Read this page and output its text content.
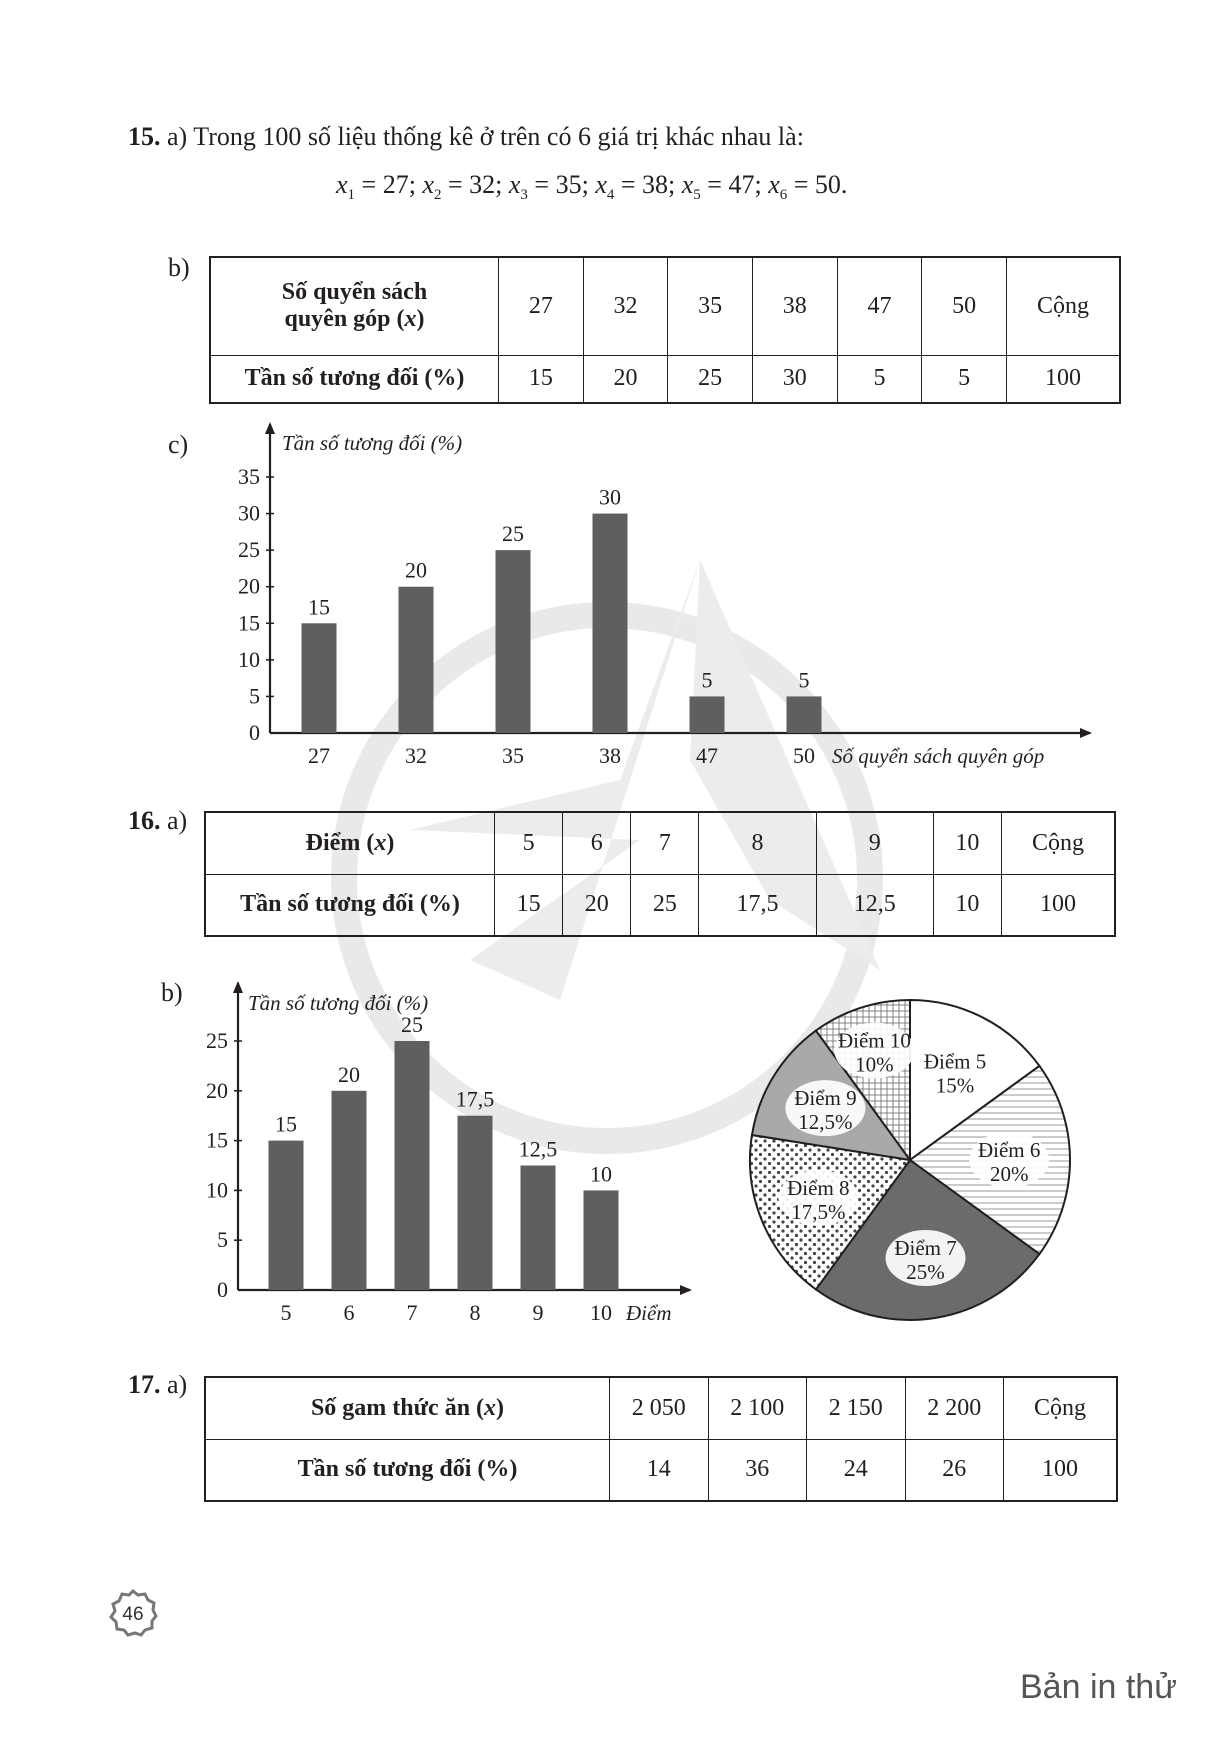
15. a) Trong 100 số liệu thống kê ở trên có 6 giá trị khác nhau là:
$x_1 = 27$; $x_2 = 32$; $x_3 = 35$; $x_4 = 38$; $x_5 = 47$; $x_6 = 50$.
b)
Số quyển sách
quyên góp (x)	27	32	35	38	47	50	Cộng
Tần số tương đối (%)	15	20	25	30	5	5	100
c)
0
5
10
15
20
25
30
35
15
27
20
32
25
35
30
38
5
47
5
50
Tần số tương đối (%)
Số quyển sách quyên góp
16. a)
Điểm (x)	5	6	7	8	9	10	Cộng
Tần số tương đối (%)	15	20	25	17,5	12,5	10	100
b)
0
5
10
15
20
25
15
5
20
6
25
7
17,5
8
12,5
9
10
10
Tần số tương đối (%)
Điểm
Điểm 5
15%
Điểm 6
20%
Điểm 7
25%
Điểm 8
17,5%
Điểm 9
12,5%
Điểm 10
10%
17. a)
Số gam thức ăn (x)	2 050	2 100	2 150	2 200	Cộng
Tần số tương đối (%)	14	36	24	26	100
46
Bản in thử
